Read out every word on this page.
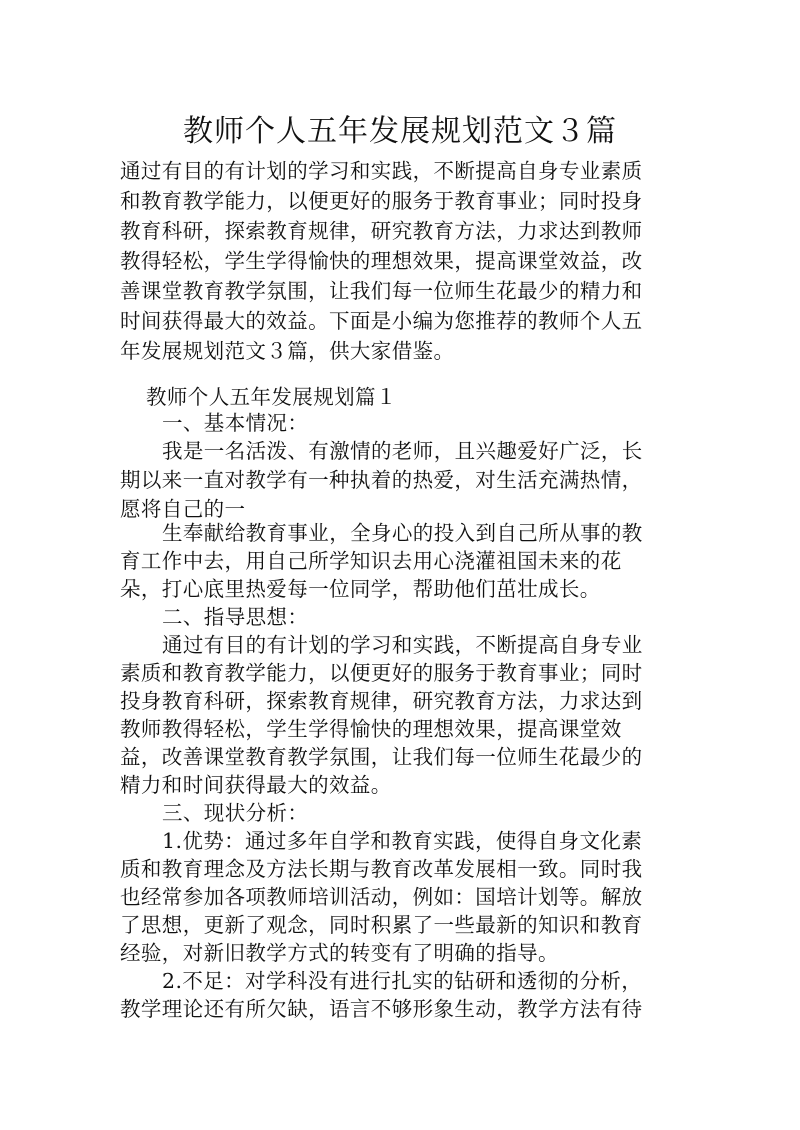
教师个人五年发展规划范文３篇
通过有目的有计划的学习和实践，不断提高自身专业素质
和教育教学能力，以便更好的服务于教育事业；同时投身
教育科研，探索教育规律，研究教育方法，力求达到教师
教得轻松，学生学得愉快的理想效果，提高课堂效益，改
善课堂教育教学氛围，让我们每一位师生花最少的精力和
时间获得最大的效益。下面是小编为您推荐的教师个人五
年发展规划范文３篇，供大家借鉴。
教师个人五年发展规划篇１
一、基本情况：
我是一名活泼、有激情的老师，且兴趣爱好广泛，长
期以来一直对教学有一种执着的热爱，对生活充满热情，
愿将自己的一
生奉献给教育事业，全身心的投入到自己所从事的教
育工作中去，用自己所学知识去用心浇灌祖国未来的花
朵，打心底里热爱每一位同学，帮助他们茁壮成长。
二、指导思想：
通过有目的有计划的学习和实践，不断提高自身专业
素质和教育教学能力，以便更好的服务于教育事业；同时
投身教育科研，探索教育规律，研究教育方法，力求达到
教师教得轻松，学生学得愉快的理想效果，提高课堂效
益，改善课堂教育教学氛围，让我们每一位师生花最少的
精力和时间获得最大的效益。
三、现状分析：
1.优势：通过多年自学和教育实践，使得自身文化素
质和教育理念及方法长期与教育改革发展相一致。同时我
也经常参加各项教师培训活动，例如：国培计划等。解放
了思想，更新了观念，同时积累了一些最新的知识和教育
经验，对新旧教学方式的转变有了明确的指导。
2.不足：对学科没有进行扎实的钻研和透彻的分析，
教学理论还有所欠缺，语言不够形象生动，教学方法有待
